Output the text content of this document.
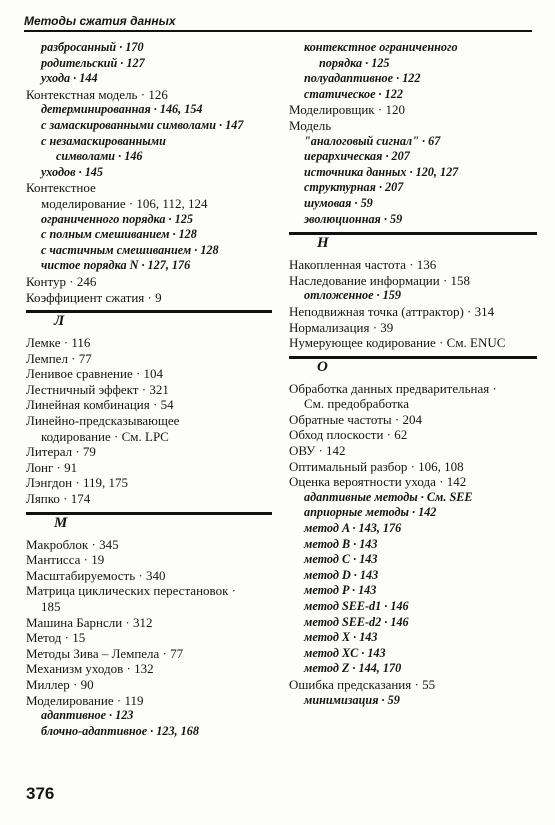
Методы сжатия данных
разбросанный · 170
родительский · 127
ухода · 144
Контекстная модель · 126
детерминированная · 146, 154
с замаскированными символами · 147
с незамаскированными
символами · 146
уходов · 145
Контекстное
моделирование · 106, 112, 124
ограниченного порядка · 125
с полным смешиванием · 128
с частичным смешиванием · 128
чистое порядка N · 127, 176
Контур · 246
Коэффициент сжатия · 9
Л
Лемке · 116
Лемпел · 77
Ленивое сравнение · 104
Лестничный эффект · 321
Линейная комбинация · 54
Линейно-предсказывающее
кодирование · См. LPC
Литерал · 79
Лонг · 91
Лэнгдон · 119, 175
Ляпко · 174
М
Макроблок · 345
Мантисса · 19
Масштабируемость · 340
Матрица циклических перестановок ·
185
Машина Барнсли · 312
Метод · 15
Методы Зива – Лемпела · 77
Механизм уходов · 132
Миллер · 90
Моделирование · 119
адаптивное · 123
блочно-адаптивное · 123, 168
контекстное ограниченного
порядка · 125
полуадаптивное · 122
статическое · 122
Моделировщик · 120
Модель
"аналоговый сигнал" · 67
иерархическая · 207
источника данных · 120, 127
структурная · 207
шумовая · 59
эволюционная · 59
Н
Накопленная частота · 136
Наследование информации · 158
отложенное · 159
Неподвижная точка (аттрактор) · 314
Нормализация · 39
Нумерующее кодирование · См. ENUC
О
Обработка данных предварительная ·
См. предобработка
Обратные частоты · 204
Обход плоскости · 62
ОВУ · 142
Оптимальный разбор · 106, 108
Оценка вероятности ухода · 142
адаптивные методы · См. SEE
априорные методы · 142
метод A · 143, 176
метод B · 143
метод C · 143
метод D · 143
метод P · 143
метод SEE-d1 · 146
метод SEE-d2 · 146
метод X · 143
метод XC · 143
метод Z · 144, 170
Ошибка предсказания · 55
минимизация · 59
376
